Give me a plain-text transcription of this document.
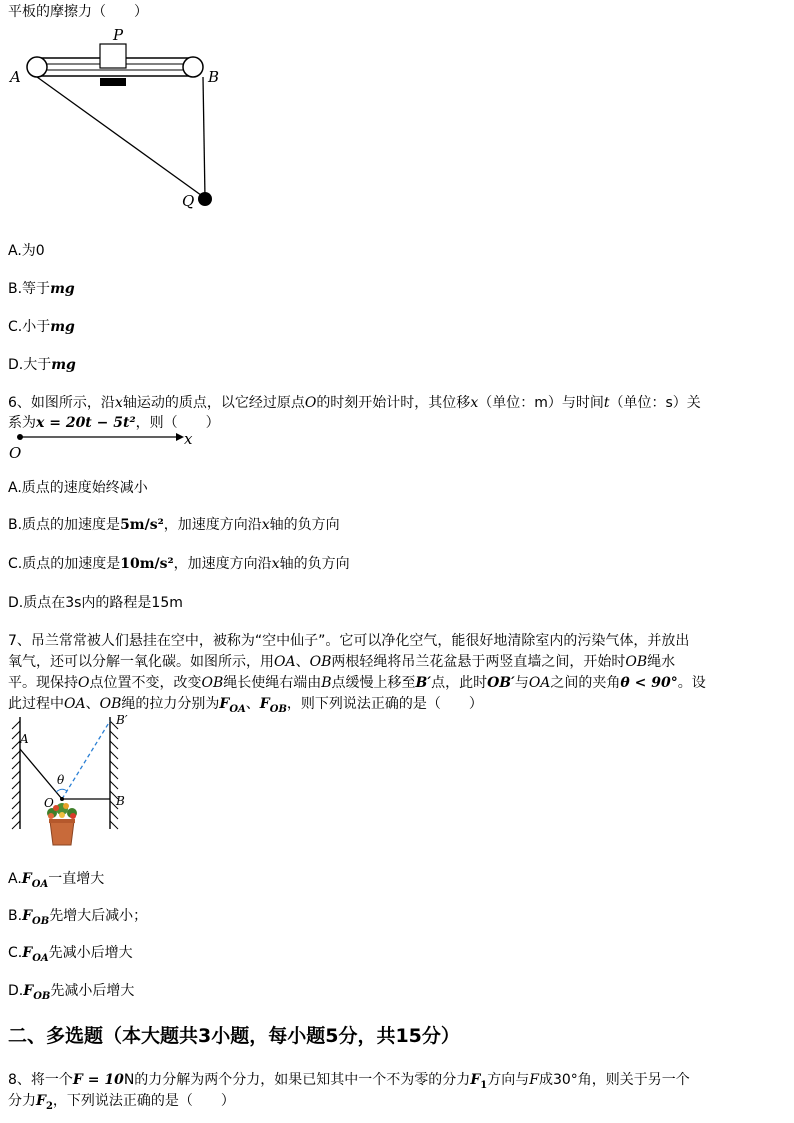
平板的摩擦力（　　）
P
A	B
Q
A.为0
B.等于mg
C.小于mg
D.大于mg
6、如图所示，沿x轴运动的质点，以它经过原点O的时刻开始计时，其位移x（单位：m）与时间t（单位：s）关
系为x = 20t − 5t²，则（　　）
x
O
A.质点的速度始终减小
B.质点的加速度是5m/s²，加速度方向沿x轴的负方向
C.质点的加速度是10m/s²，加速度方向沿x轴的负方向
D.质点在3s内的路程是15m
7、吊兰常常被人们悬挂在空中，被称为“空中仙子”。它可以净化空气，能很好地清除室内的污染气体，并放出
氧气，还可以分解一氧化碳。如图所示，用OA、OB两根轻绳将吊兰花盆悬于两竖直墙之间，开始时OB绳水
平。现保持O点位置不变，改变OB绳长使绳右端由B点缓慢上移至B′点，此时OB′与OA之间的夹角θ < 90°。设
此过程中OA、OB绳的拉力分别为$F_{OA}$、$F_{OB}$，则下列说法正确的是（　　）
A
B′
θ
O	B
$A.F_{OA}$一直增大
$B.F_{OB}$先增大后减小；
$C.F_{OA}$先减小后增大
$D.F_{OB}$先减小后增大
二、多选题（本大题共3小题，每小题5分，共15分）
8、将一个F = 10N的力分解为两个分力，如果已知其中一个不为零的分力$F_1$方向与F成30°角，则关于另一个
分力$F_2$，下列说法正确的是（　　）
